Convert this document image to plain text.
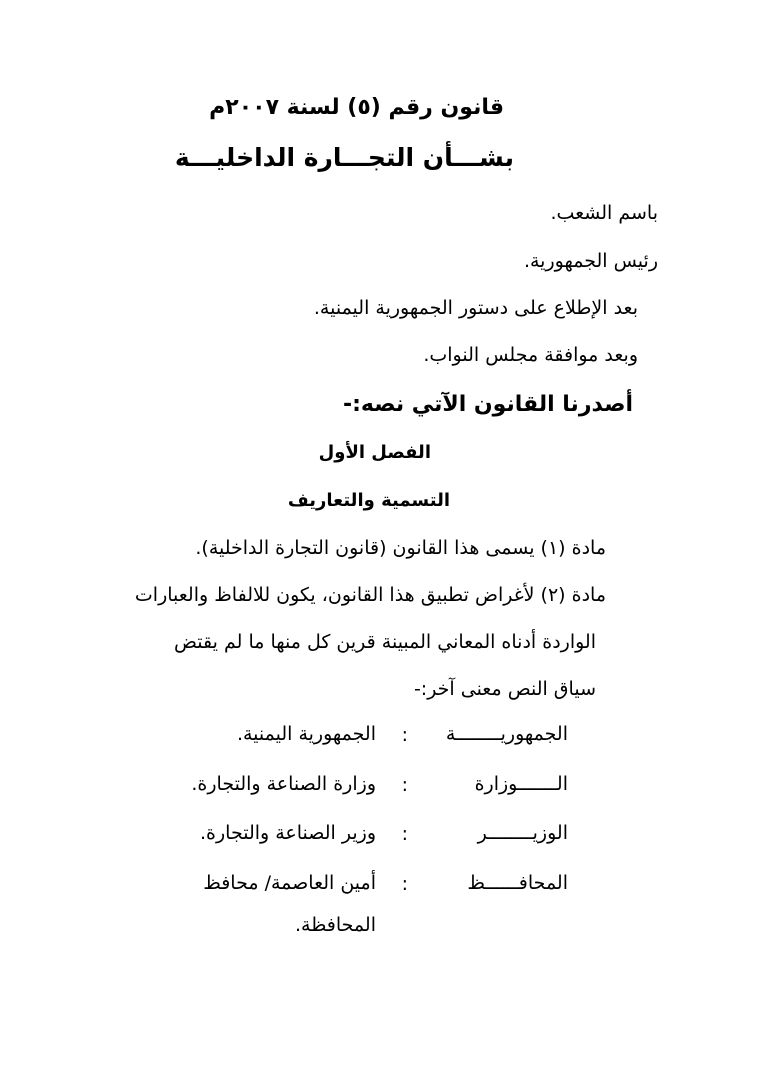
قانون رقم (٥) لسنة ٢٠٠٧م
بشـــأن التجـــارة الداخليـــة
باسم الشعب.
رئيس الجمهورية.
بعد الإطلاع على دستور الجمهورية اليمنية.
وبعد موافقة مجلس النواب.
أصدرنا القانون الآتي نصه:-
الفصل الأول
التسمية والتعاريف
مادة (١) يسمى هذا القانون (قانون التجارة الداخلية).
مادة (٢) لأغراض تطبيق هذا القانون، يكون للالفاظ والعبارات
الواردة أدناه المعاني المبينة قرين كل منها ما لم يقتض
سياق النص معنى آخر:-
الجمهوريــــــــة
:
الجمهورية اليمنية.
الـــــــوزارة
:
وزارة الصناعة والتجارة.
الوزيــــــــر
:
وزير الصناعة والتجارة.
المحافــــــظ
:
أمين العاصمة/ محافظ
المحافظة.
